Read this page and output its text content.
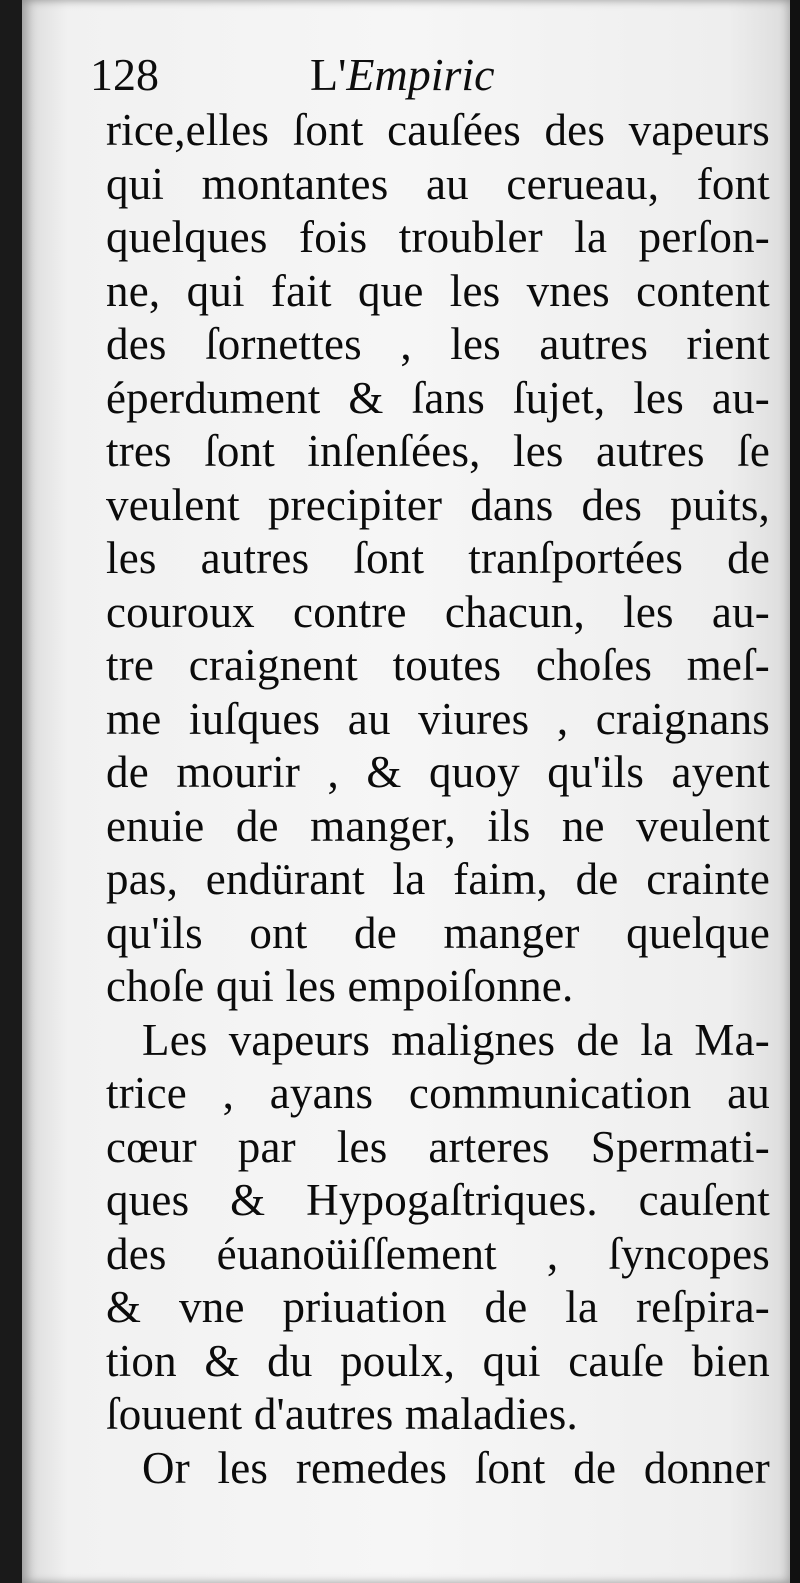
128	L'Empiric
rice,elles ſont cauſées des vapeurs
qui montantes au cerueau, font
quelques fois troubler la perſon-
ne, qui fait que les vnes content
des ſornettes , les autres rient
éperdument & ſans ſujet, les au-
tres ſont inſenſées, les autres ſe
veulent precipiter dans des puits,
les autres ſont tranſportées de
couroux contre chacun, les au-
tre craignent toutes choſes meſ-
me iuſques au viures , craignans
de mourir , & quoy qu'ils ayent
enuie de manger, ils ne veulent
pas, endürant la faim, de crainte
qu'ils ont de manger quelque
choſe qui les empoiſonne.
Les vapeurs malignes de la Ma-
trice , ayans communication au
cœur par les arteres Spermati-
ques & Hypogaſtriques. cauſent
des éuanoüiſſement , ſyncopes
& vne priuation de la reſpira-
tion & du poulx, qui cauſe bien
ſouuent d'autres maladies.
Or les remedes ſont de donner
